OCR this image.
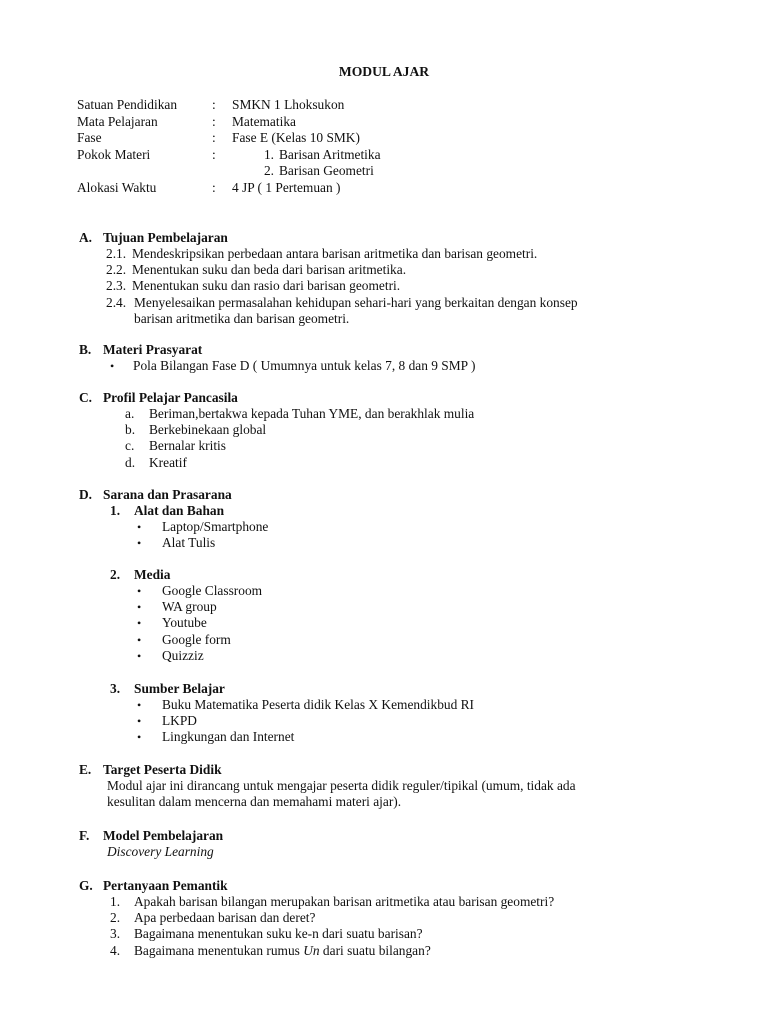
MODUL AJAR
Satuan Pendidikan	: SMKN 1 Lhoksukon
Mata Pelajaran	: Matematika
Fase	: Fase E (Kelas 10 SMK)
Pokok Materi	:	1. Barisan Aritmetika
2. Barisan Geometri
Alokasi Waktu	: 4 JP ( 1 Pertemuan )
A. Tujuan Pembelajaran
2.1. Mendeskripsikan perbedaan antara barisan aritmetika dan barisan geometri.
2.2. Menentukan suku dan beda dari barisan aritmetika.
2.3. Menentukan suku dan rasio dari barisan geometri.
2.4. Menyelesaikan permasalahan kehidupan sehari-hari yang berkaitan dengan konsep
barisan aritmetika dan barisan geometri.
B. Materi Prasyarat
• Pola Bilangan Fase D ( Umumnya untuk kelas 7, 8 dan 9 SMP )
C. Profil Pelajar Pancasila
a. Beriman,bertakwa kepada Tuhan YME, dan berakhlak mulia
b. Berkebinekaan global
c. Bernalar kritis
d. Kreatif
D. Sarana dan Prasarana
1. Alat dan Bahan
• Laptop/Smartphone
• Alat Tulis
2. Media
• Google Classroom
• WA group
• Youtube
• Google form
• Quizziz
3. Sumber Belajar
• Buku Matematika Peserta didik Kelas X Kemendikbud RI
• LKPD
• Lingkungan dan Internet
E. Target Peserta Didik
Modul ajar ini dirancang untuk mengajar peserta didik reguler/tipikal (umum, tidak ada
kesulitan dalam mencerna dan memahami materi ajar).
F. Model Pembelajaran
Discovery Learning
G. Pertanyaan Pemantik
1. Apakah barisan bilangan merupakan barisan aritmetika atau barisan geometri?
2. Apa perbedaan barisan dan deret?
3. Bagaimana menentukan suku ke-n dari suatu barisan?
4. Bagaimana menentukan rumus Un dari suatu bilangan?
